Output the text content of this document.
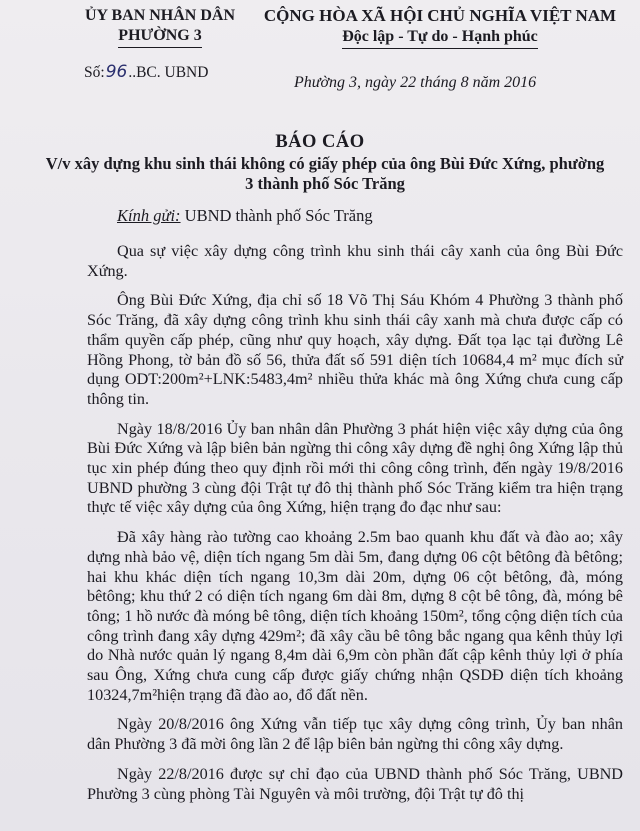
ỦY BAN NHÂN DÂN
PHƯỜNG 3
CỘNG HÒA XÃ HỘI CHỦ NGHĨA VIỆT NAM
Độc lập - Tự do - Hạnh phúc
Số:96..BC. UBND
Phường 3, ngày 22 tháng 8 năm 2016
BÁO CÁO
V/v xây dựng khu sinh thái không có giấy phép của ông Bùi Đức Xứng, phường 3 thành phố Sóc Trăng
Kính gửi: UBND thành phố Sóc Trăng

Qua sự việc xây dựng công trình khu sinh thái cây xanh của ông Bùi Đức Xứng.

Ông Bùi Đức Xứng, địa chỉ số 18 Võ Thị Sáu Khóm 4 Phường 3 thành phố Sóc Trăng, đã xây dựng công trình khu sinh thái cây xanh mà chưa được cấp có thẩm quyền cấp phép, cũng như quy hoạch, xây dựng. Đất tọa lạc tại đường Lê Hồng Phong, tờ bản đồ số 56, thửa đất số 591 diện tích 10684,4 m² mục đích sử dụng ODT:200m²+LNK:5483,4m² nhiều thửa khác mà ông Xứng chưa cung cấp thông tin.

Ngày 18/8/2016 Ủy ban nhân dân Phường 3 phát hiện việc xây dựng của ông Bùi Đức Xứng và lập biên bản ngừng thi công xây dựng đề nghị ông Xứng lập thủ tục xin phép đúng theo quy định rồi mới thi công công trình, đến ngày 19/8/2016 UBND phường 3 cùng đội Trật tự đô thị thành phố Sóc Trăng kiểm tra hiện trạng thực tế việc xây dựng của ông Xứng, hiện trạng đo đạc như sau:

Đã xây hàng rào tường cao khoảng 2.5m bao quanh khu đất và đào ao; xây dựng nhà bảo vệ, diện tích ngang 5m dài 5m, đang dựng 06 cột bêtông đà bêtông; hai khu khác diện tích ngang 10,3m dài 20m, dựng 06 cột bêtông, đà, móng bêtông; khu thứ 2 có diện tích ngang 6m dài 8m, dựng 8 cột bê tông, đà, móng bê tông; 1 hồ nước đà móng bê tông, diện tích khoảng 150m², tổng cộng diện tích của công trình đang xây dựng 429m²; đã xây cầu bê tông bắc ngang qua kênh thủy lợi do Nhà nước quản lý ngang 8,4m dài 6,9m còn phần đất cập kênh thủy lợi ở phía sau Ông, Xứng chưa cung cấp được giấy chứng nhận QSDĐ diện tích khoảng 10324,7m²hiện trạng đã đào ao, đổ đất nền.

Ngày 20/8/2016 ông Xứng vẫn tiếp tục xây dựng công trình, Ủy ban nhân dân Phường 3 đã mời ông lần 2 để lập biên bản ngừng thi công xây dựng.

Ngày 22/8/2016 được sự chỉ đạo của UBND thành phố Sóc Trăng, UBND Phường 3 cùng phòng Tài Nguyên và môi trường, đội Trật tự đô thị
